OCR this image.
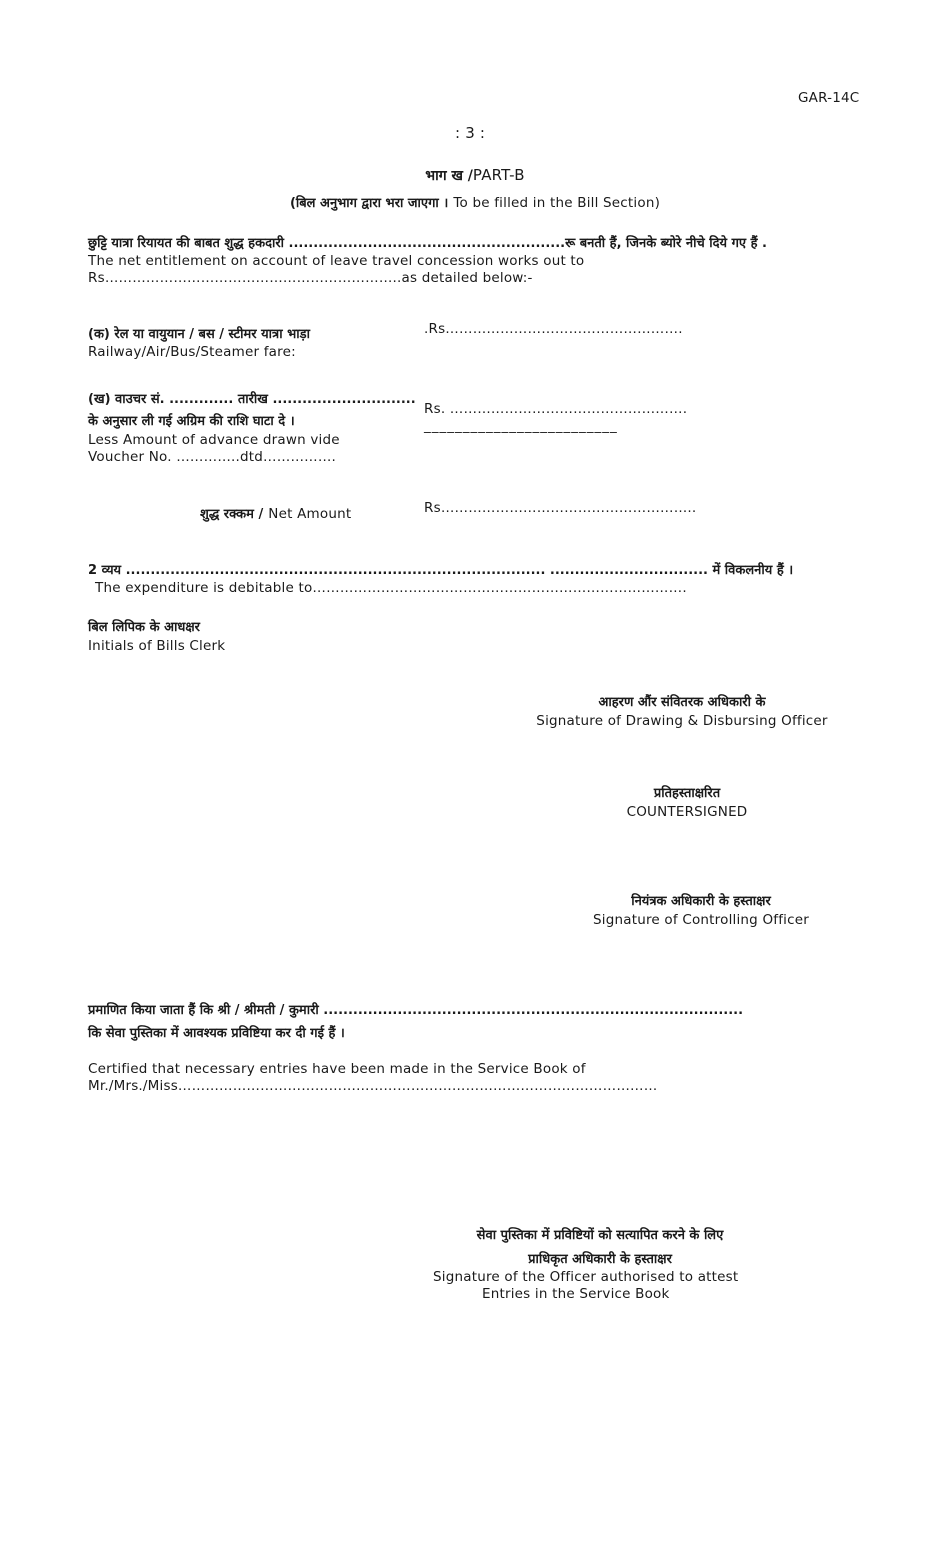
GAR-14C

: 3 :

भाग ख /PART-B
(बिल अनुभाग द्वारा भरा जाएगा । To be filled in the Bill Section)

छुट्टि यात्रा रियायत की बाबत शुद्ध हकदारी ........................................................रू बनती हैं, जिनके ब्योरे नीचे दिये गए हैं .

The net entitlement on account of leave travel concession works out to

Rs………………………………………………………..as detailed below:-

(क) रेल या वायुयान / बस / स्टीमर यात्रा भाड़ा

Railway/Air/Bus/Steamer fare:

.Rs…………………………………………….

(ख) वाउचर सं. ............. तारीख .............................

के अनुसार ली गई अग्रिम की राशि घाटा दे ।

Less Amount of advance drawn vide

Voucher No. …………..dtd…………….

Rs. …………………………………………….

_________________________

शुद्ध रक्कम / Net Amount	Rs………………………………………………..

2 व्यय ..................................................................................... ................................ में विकलनीय हैं ।

The expenditure is debitable to……………………………………………………………………….

बिल लिपिक के आधक्षर

Initials of Bills Clerk

आहरण औंर संवितरक अधिकारी के
Signature of Drawing & Disbursing Officer
प्रतिहस्ताक्षरित
COUNTERSIGNED
नियंत्रक अधिकारी के हस्ताक्षर
Signature of Controlling Officer

प्रमाणित किया जाता हैं कि श्री / श्रीमती / कुमारी .....................................................................................

कि सेवा पुस्तिका में आवश्यक प्रविष्टिया कर दी गई हैं ।

Certified that necessary entries have been made in the Service Book of

Mr./Mrs./Miss……………………………………………………………………………………………

सेवा पुस्तिका में प्रविष्टियों को सत्यापित करने के लिए
प्राधिकृत अधिकारी के हस्ताक्षर

Signature of the Officer authorised to attest

Entries in the Service Book
